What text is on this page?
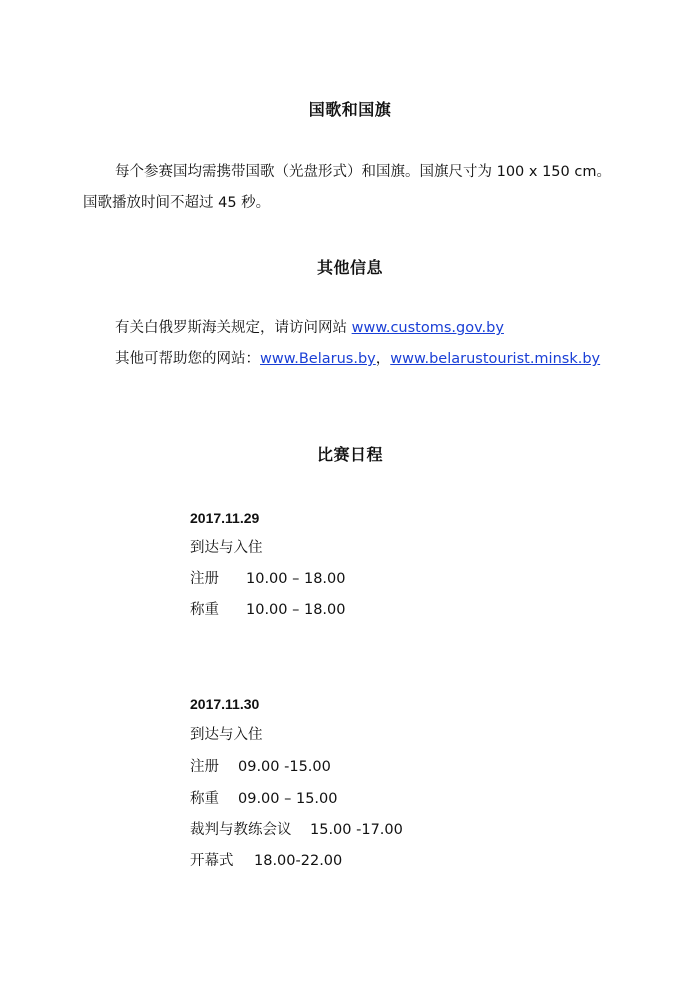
国歌和国旗
每个参赛国均需携带国歌（光盘形式）和国旗。国旗尺寸为 100 x 150 cm。
国歌播放时间不超过 45 秒。
其他信息
有关白俄罗斯海关规定，请访问网站 www.customs.gov.by
其他可帮助您的网站：www.Belarus.by，www.belarustourist.minsk.by
比赛日程
2017.11.29
到达与入住
注册 10.00 – 18.00
称重 10.00 – 18.00
2017.11.30
到达与入住
注册 09.00 -15.00
称重 09.00 – 15.00
裁判与教练会议 15.00 -17.00
开幕式 18.00-22.00
